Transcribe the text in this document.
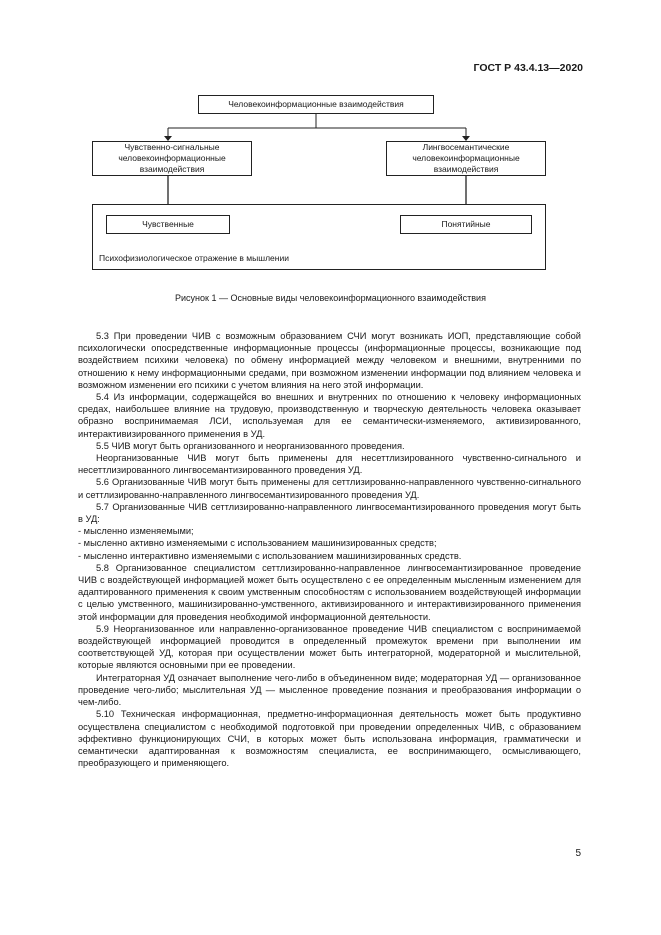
ГОСТ Р 43.4.13—2020
Человекоинформационные взаимодействия
Чувственно-сигнальные человекоинформационные взаимодействия
Лингвосемантические человекоинформационные взаимодействия
Психофизиологическое отражение в мышлении
Чувственные	Понятийные
Рисунок 1 — Основные виды человекоинформационного взаимодействия

5.3 При проведении ЧИВ с возможным образованием СЧИ могут возникать ИОП, представляющие собой психологически опосредственные информационные процессы (информационные процессы, возникающие под воздействием психики человека) по обмену информацией между человеком и внешними, внутренними по отношению к нему информационными средами, при возможном изменении информации под влиянием человека и возможном изменении его психики с учетом влияния на него этой информации.

5.4 Из информации, содержащейся во внешних и внутренних по отношению к человеку информационных средах, наибольшее влияние на трудовую, производственную и творческую деятельность человека оказывает образно воспринимаемая ЛСИ, используемая для ее семантически-изменяемого, активизированного, интерактивизированного применения в УД.

5.5 ЧИВ могут быть организованного и неорганизованного проведения.

Неорганизованные ЧИВ могут быть применены для несеттлизированного чувственно-сигнального и несеттлизированного лингвосемантизированного проведения УД.

5.6 Организованные ЧИВ могут быть применены для сеттлизированно-направленного чувственно-сигнального и сеттлизированно-направленного лингвосемантизированного проведения УД.

5.7 Организованные ЧИВ сеттлизированно-направленного лингвосемантизированного проведения могут быть в УД:

- мысленно изменяемыми;

- мысленно активно изменяемыми с использованием машинизированных средств;

- мысленно интерактивно изменяемыми с использованием машинизированных средств.

5.8 Организованное специалистом сеттлизированно-направленное лингвосемантизированное проведение ЧИВ с воздействующей информацией может быть осуществлено с ее определенным мысленным изменением для адаптированного применения к своим умственным способностям с использованием воздействующей информации с целью умственного, машинизированно-умственного, активизированного и интерактивизированного применения этой информации для проведения необходимой информационной деятельности.

5.9 Неорганизованное или направленно-организованное проведение ЧИВ специалистом с воспринимаемой воздействующей информацией проводится в определенный промежуток времени при выполнении им соответствующей УД, которая при осуществлении может быть интеграторной, модераторной и мыслительной, которые являются основными при ее проведении.

Интеграторная УД означает выполнение чего-либо в объединенном виде; модераторная УД — организованное проведение чего-либо; мыслительная УД — мысленное проведение познания и преобразования информации о чем-либо.

5.10 Техническая информационная, предметно-информационная деятельность может быть продуктивно осуществлена специалистом с необходимой подготовкой при проведении определенных ЧИВ, с образованием эффективно функционирующих СЧИ, в которых может быть использована информация, грамматически и семантически адаптированная к возможностям специалиста, ее воспринимающего, осмысливающего, преобразующего и применяющего.

5
